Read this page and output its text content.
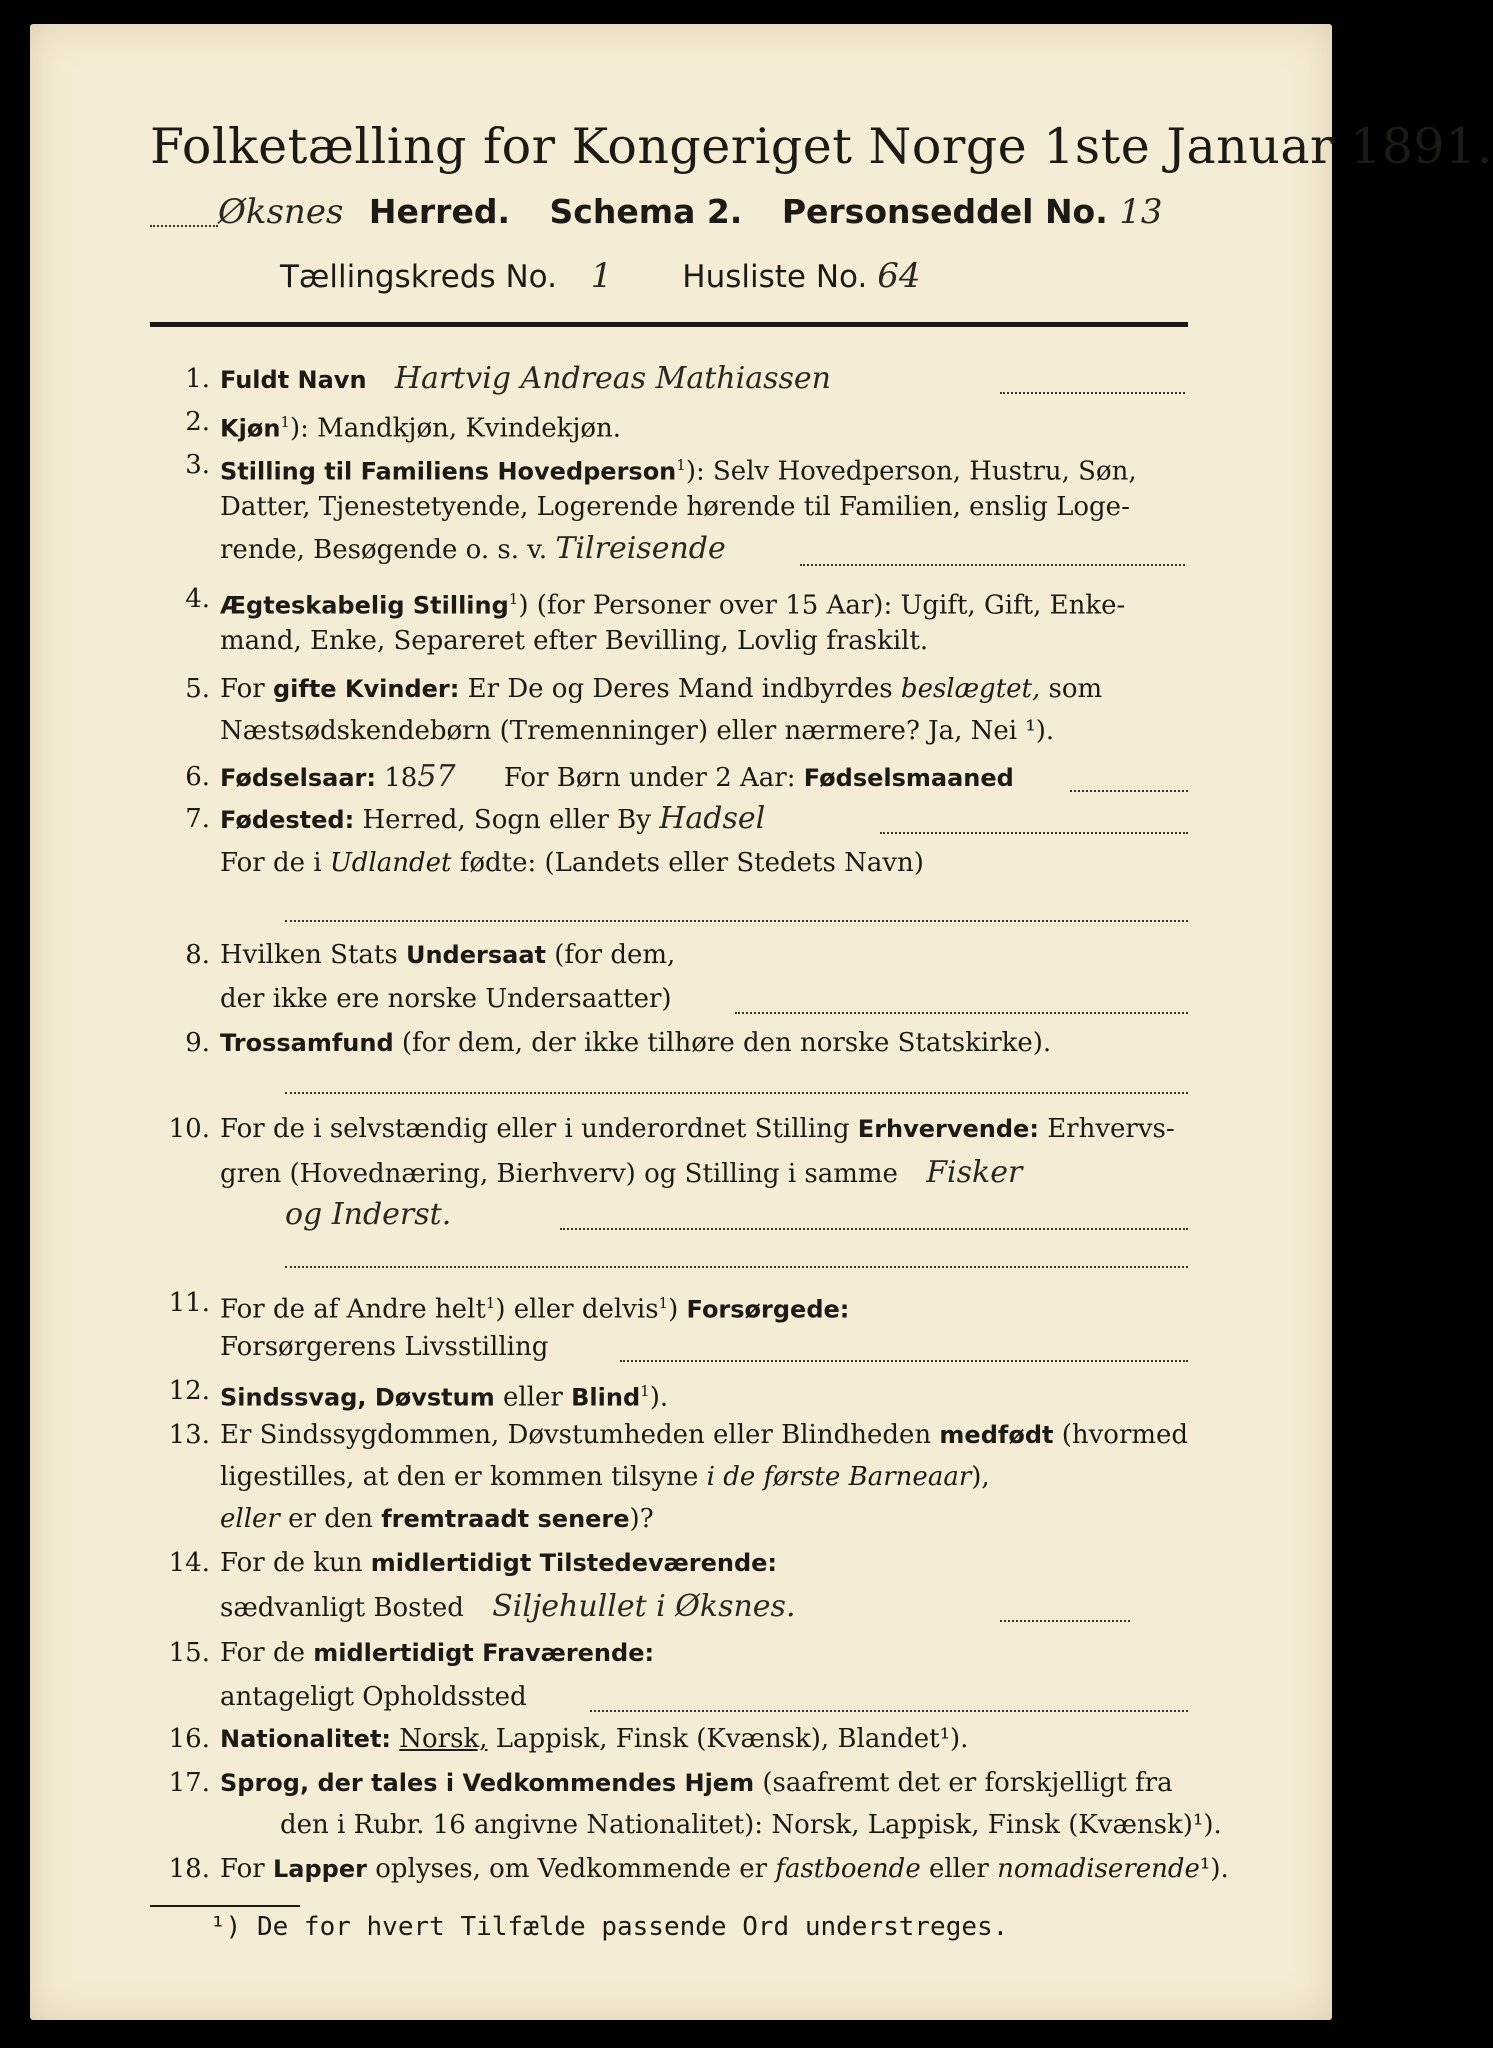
Folketælling for Kongeriget Norge 1ste Januar 1891.
Øksnes Herred. Schema 2. Personseddel No. 13
Tællingskreds No. 1 Husliste No. 64
1. Fuldt Navn Hartvig Andreas Mathiassen
2. Kjøn$^1$): Mandkjøn, Kvindekjøn.
3. Stilling til Familiens Hovedperson$^1$): Selv Hovedperson, Hustru, Søn,
Datter, Tjenestetyende, Logerende hørende til Familien, enslig Loge-
rende, Besøgende o. s. v. Tilreisende
4. Ægteskabelig Stilling$^1$) (for Personer over 15 Aar): Ugift, Gift, Enke-
mand, Enke, Separeret efter Bevilling, Lovlig fraskilt.
5. For gifte Kvinder: Er De og Deres Mand indbyrdes beslægtet, som
Næstsødskendebørn (Tremenninger) eller nærmere? Ja, Nei ¹).
6. Fødselsaar: 1857 For Børn under 2 Aar: Fødselsmaaned
7. Fødested: Herred, Sogn eller By Hadsel
For de i Udlandet fødte: (Landets eller Stedets Navn)
8. Hvilken Stats Undersaat (for dem,
der ikke ere norske Undersaatter)
9. Trossamfund (for dem, der ikke tilhøre den norske Statskirke).
10. For de i selvstændig eller i underordnet Stilling Erhvervende: Erhvervs-
gren (Hovednæring, Bierhverv) og Stilling i samme Fisker
og Inderst.
11. For de af Andre helt$^1$) eller delvis$^1$) Forsørgede:
Forsørgerens Livsstilling
12. Sindssvag, Døvstum eller Blind$^1$).
13. Er Sindssygdommen, Døvstumheden eller Blindheden medfødt (hvormed
ligestilles, at den er kommen tilsyne i de første Barneaar),
eller er den fremtraadt senere)?
14. For de kun midlertidigt Tilstedeværende:
sædvanligt Bosted Siljehullet i Øksnes.
15. For de midlertidigt Fraværende:
antageligt Opholdssted
16. Nationalitet: Norsk, Lappisk, Finsk (Kvænsk), Blandet¹).
17. Sprog, der tales i Vedkommendes Hjem (saafremt det er forskjelligt fra
den i Rubr. 16 angivne Nationalitet): Norsk, Lappisk, Finsk (Kvænsk)¹).
18. For Lapper oplyses, om Vedkommende er fastboende eller nomadiserende¹).
¹) De for hvert Tilfælde passende Ord understreges.
